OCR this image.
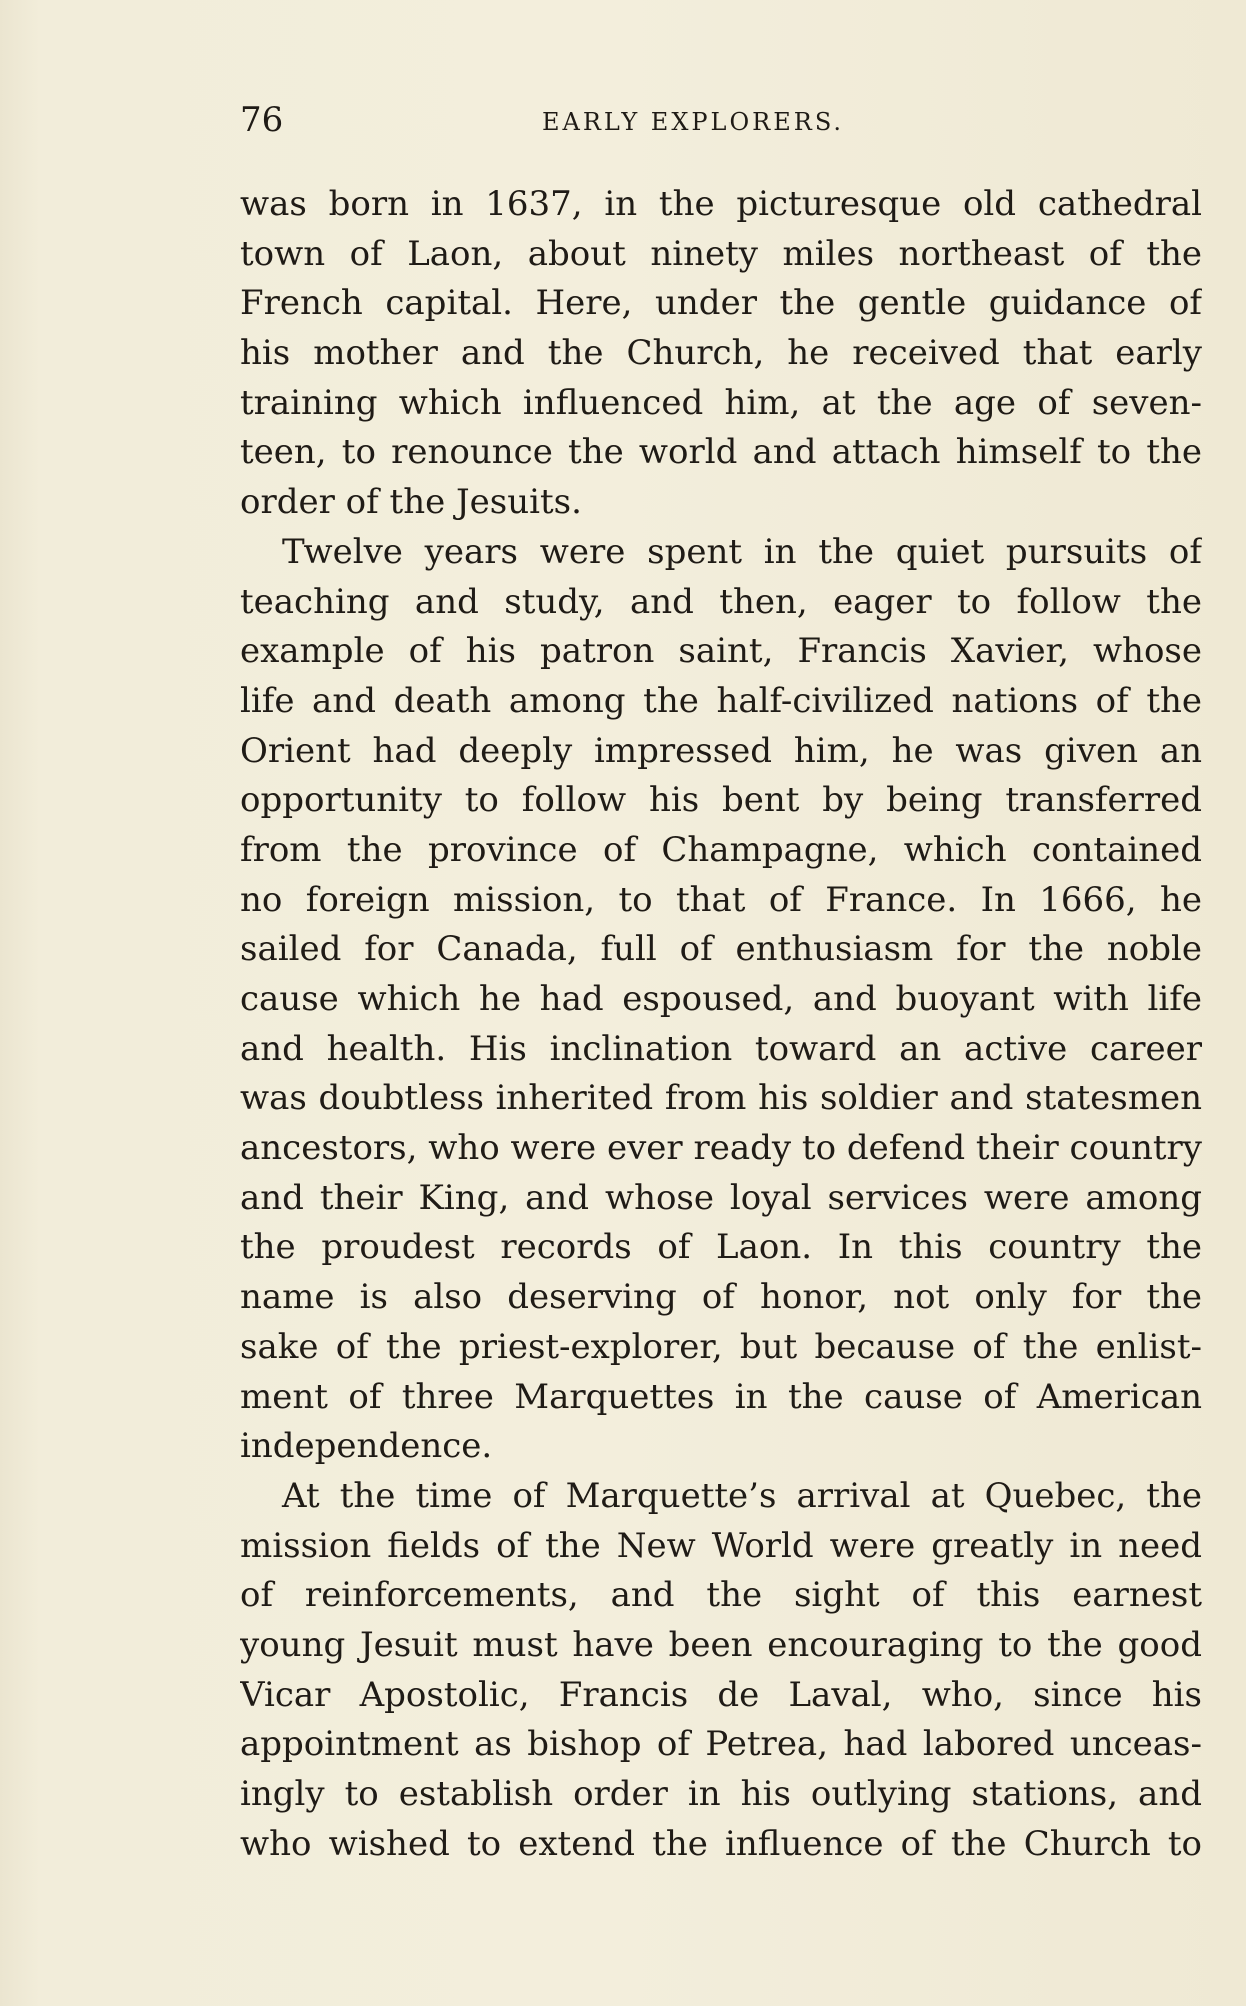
76	EARLY EXPLORERS.
was born in 1637, in the picturesque old cathedral
town of Laon, about ninety miles northeast of the
French capital. Here, under the gentle guidance of
his mother and the Church, he received that early
training which influenced him, at the age of seven-
teen, to renounce the world and attach himself to the
order of the Jesuits.
Twelve years were spent in the quiet pursuits of
teaching and study, and then, eager to follow the
example of his patron saint, Francis Xavier, whose
life and death among the half-civilized nations of the
Orient had deeply impressed him, he was given an
opportunity to follow his bent by being transferred
from the province of Champagne, which contained
no foreign mission, to that of France. In 1666, he
sailed for Canada, full of enthusiasm for the noble
cause which he had espoused, and buoyant with life
and health. His inclination toward an active career
was doubtless inherited from his soldier and statesmen
ancestors, who were ever ready to defend their country
and their King, and whose loyal services were among
the proudest records of Laon. In this country the
name is also deserving of honor, not only for the
sake of the priest-explorer, but because of the enlist-
ment of three Marquettes in the cause of American
independence.
At the time of Marquette’s arrival at Quebec, the
mission fields of the New World were greatly in need
of reinforcements, and the sight of this earnest
young Jesuit must have been encouraging to the good
Vicar Apostolic, Francis de Laval, who, since his
appointment as bishop of Petrea, had labored unceas-
ingly to establish order in his outlying stations, and
who wished to extend the influence of the Church to
